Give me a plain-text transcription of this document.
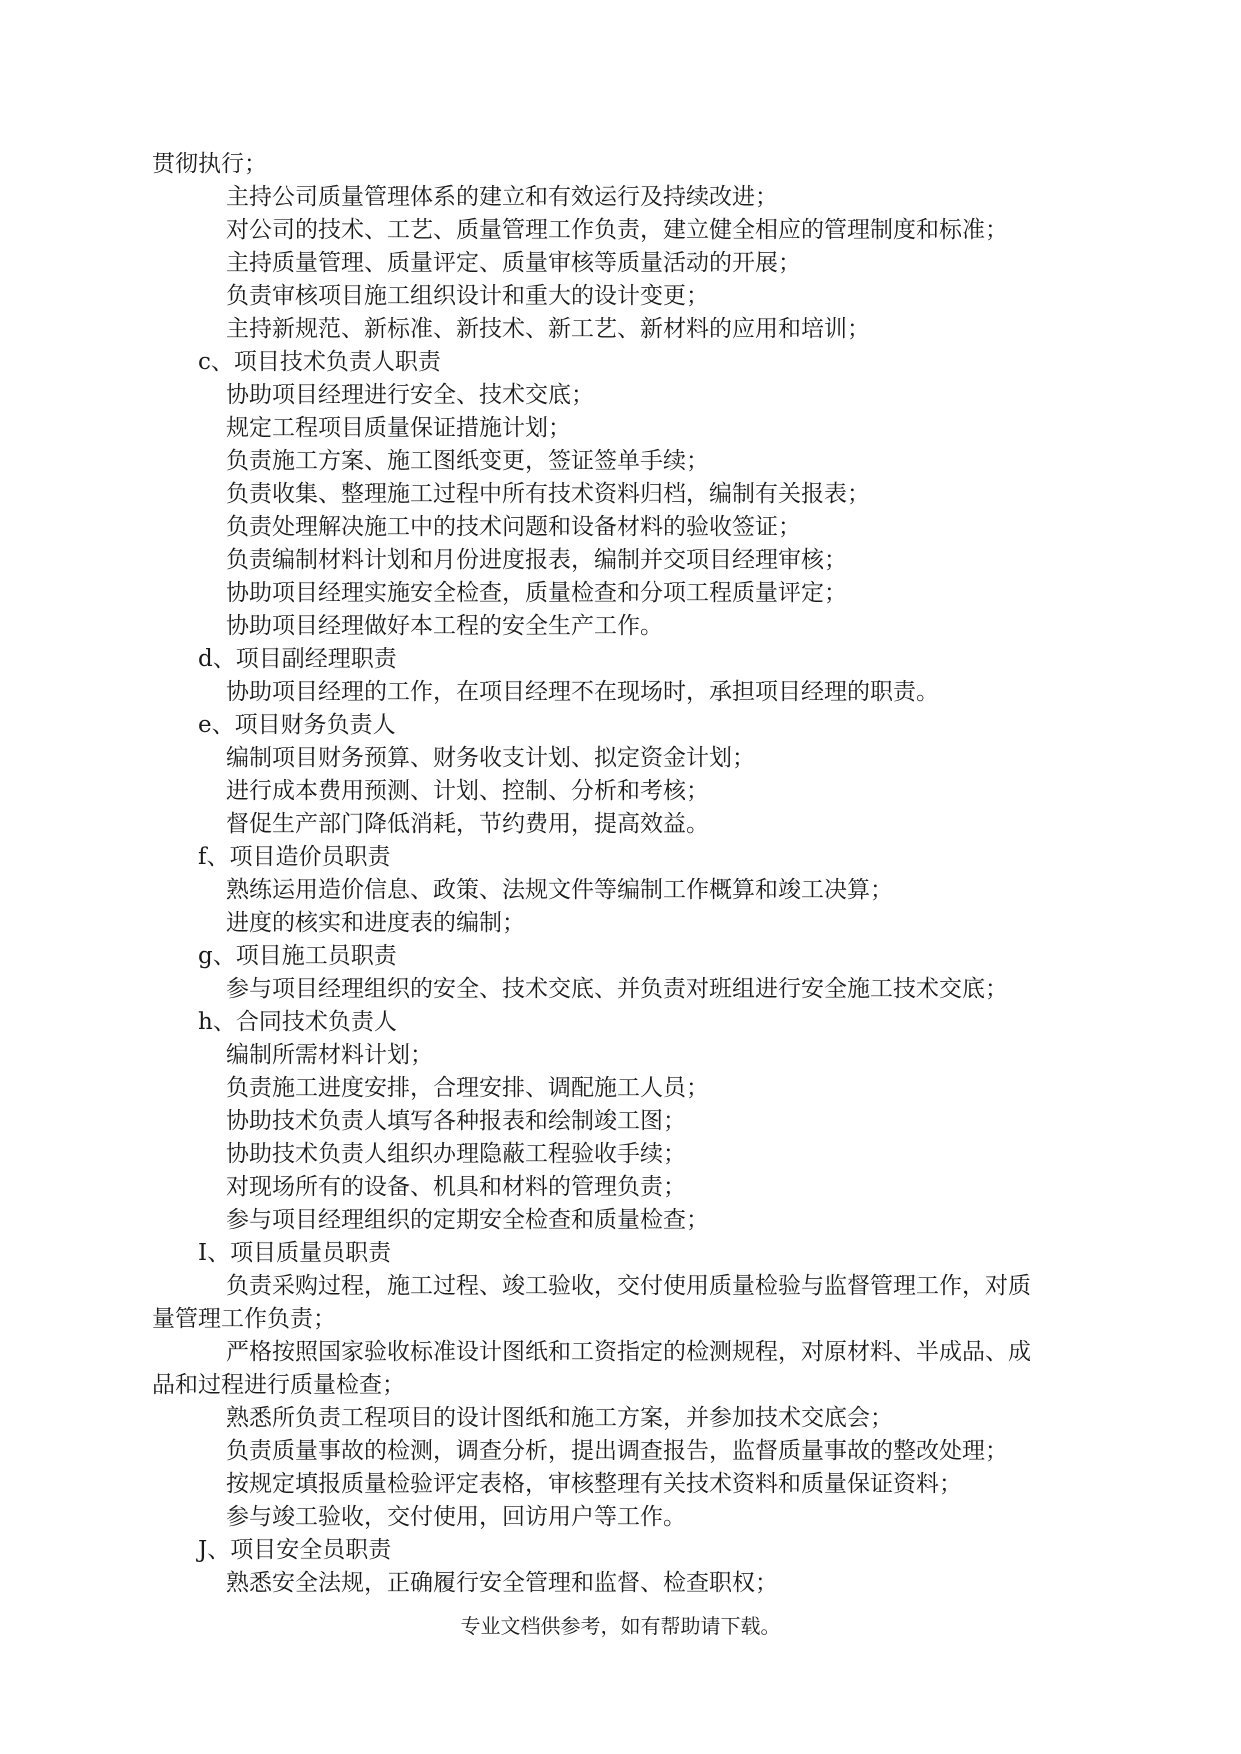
贯彻执行；
主持公司质量管理体系的建立和有效运行及持续改进；
对公司的技术、工艺、质量管理工作负责，建立健全相应的管理制度和标准；
主持质量管理、质量评定、质量审核等质量活动的开展；
负责审核项目施工组织设计和重大的设计变更；
主持新规范、新标准、新技术、新工艺、新材料的应用和培训；
c、项目技术负责人职责
协助项目经理进行安全、技术交底；
规定工程项目质量保证措施计划；
负责施工方案、施工图纸变更，签证签单手续；
负责收集、整理施工过程中所有技术资料归档，编制有关报表；
负责处理解决施工中的技术问题和设备材料的验收签证；
负责编制材料计划和月份进度报表，编制并交项目经理审核；
协助项目经理实施安全检查，质量检查和分项工程质量评定；
协助项目经理做好本工程的安全生产工作。
d、项目副经理职责
协助项目经理的工作，在项目经理不在现场时，承担项目经理的职责。
e、项目财务负责人
编制项目财务预算、财务收支计划、拟定资金计划；
进行成本费用预测、计划、控制、分析和考核；
督促生产部门降低消耗，节约费用，提高效益。
f、项目造价员职责
熟练运用造价信息、政策、法规文件等编制工作概算和竣工决算；
进度的核实和进度表的编制；
g、项目施工员职责
参与项目经理组织的安全、技术交底、并负责对班组进行安全施工技术交底；
h、合同技术负责人
编制所需材料计划；
负责施工进度安排，合理安排、调配施工人员；
协助技术负责人填写各种报表和绘制竣工图；
协助技术负责人组织办理隐蔽工程验收手续；
对现场所有的设备、机具和材料的管理负责；
参与项目经理组织的定期安全检查和质量检查；
I、项目质量员职责
负责采购过程，施工过程、竣工验收，交付使用质量检验与监督管理工作，对质
量管理工作负责；
严格按照国家验收标准设计图纸和工资指定的检测规程，对原材料、半成品、成
品和过程进行质量检查；
熟悉所负责工程项目的设计图纸和施工方案，并参加技术交底会；
负责质量事故的检测，调查分析，提出调查报告，监督质量事故的整改处理；
按规定填报质量检验评定表格，审核整理有关技术资料和质量保证资料；
参与竣工验收，交付使用，回访用户等工作。
J、项目安全员职责
熟悉安全法规，正确履行安全管理和监督、检查职权；
专业文档供参考，如有帮助请下载。
